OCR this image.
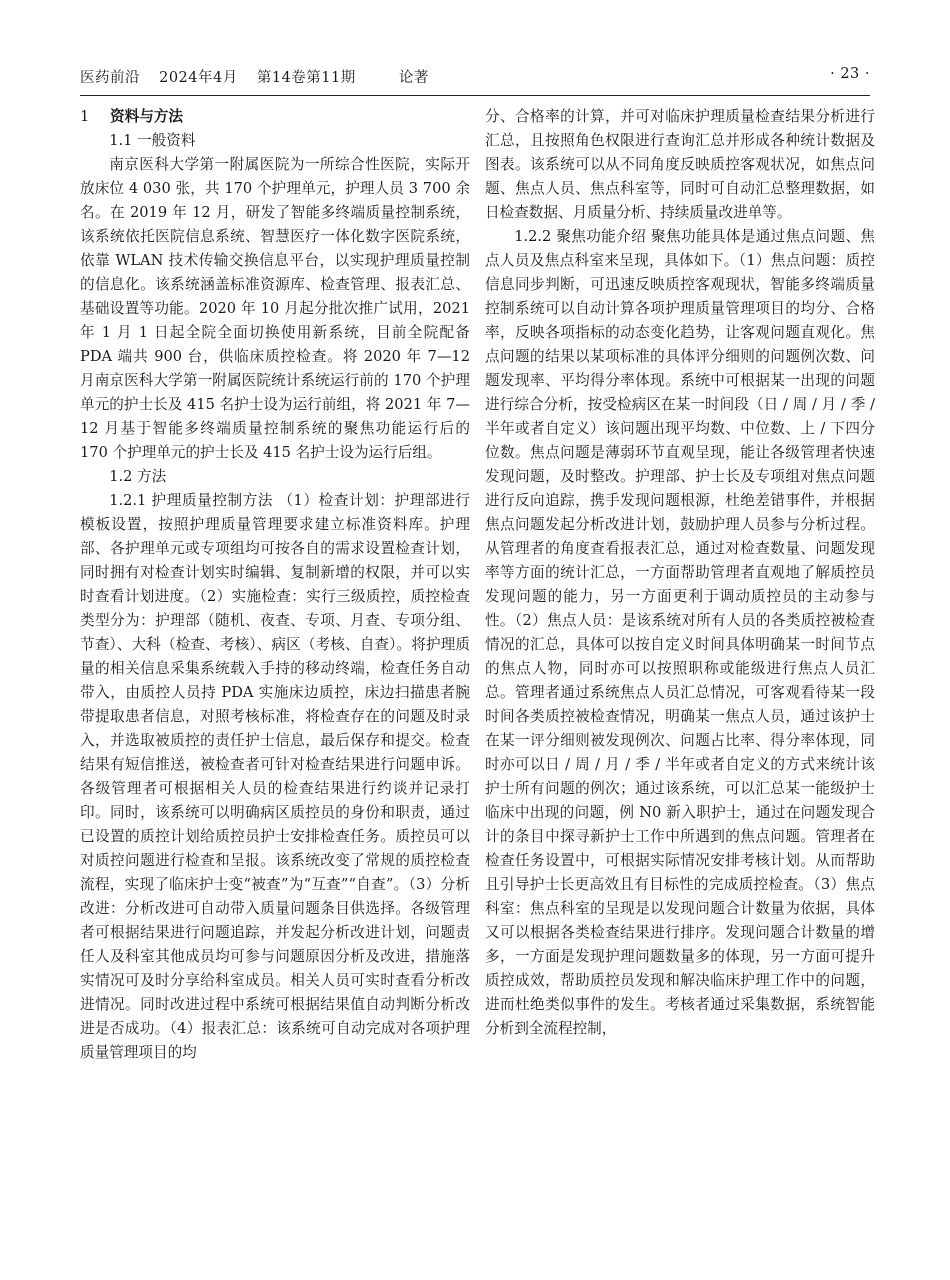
医药前沿 2024年4月 第14卷第11期	论著	· 23 ·

1 资料与方法

1.1 一般资料

南京医科大学第一附属医院为一所综合性医院，实际开放床位 4 030 张，共 170 个护理单元，护理人员 3 700 余名。在 2019 年 12 月，研发了智能多终端质量控制系统，该系统依托医院信息系统、智慧医疗一体化数字医院系统，依靠 WLAN 技术传输交换信息平台，以实现护理质量控制的信息化。该系统涵盖标准资源库、检查管理、报表汇总、基础设置等功能。2020 年 10 月起分批次推广试用，2021 年 1 月 1 日起全院全面切换使用新系统，目前全院配备 PDA 端共 900 台，供临床质控检查。将 2020 年 7—12 月南京医科大学第一附属医院统计系统运行前的 170 个护理单元的护士长及 415 名护士设为运行前组，将 2021 年 7—12 月基于智能多终端质量控制系统的聚焦功能运行后的 170 个护理单元的护士长及 415 名护士设为运行后组。

1.2 方法

1.2.1 护理质量控制方法 （1）检查计划：护理部进行模板设置，按照护理质量管理要求建立标准资料库。护理部、各护理单元或专项组均可按各自的需求设置检查计划，同时拥有对检查计划实时编辑、复制新增的权限，并可以实时查看计划进度。（2）实施检查：实行三级质控，质控检查类型分为：护理部（随机、夜查、专项、月查、专项分组、节查）、大科（检查、考核）、病区（考核、自查）。将护理质量的相关信息采集系统载入手持的移动终端，检查任务自动带入，由质控人员持 PDA 实施床边质控，床边扫描患者腕带提取患者信息，对照考核标准，将检查存在的问题及时录入，并选取被质控的责任护士信息，最后保存和提交。检查结果有短信推送，被检查者可针对检查结果进行问题申诉。各级管理者可根据相关人员的检查结果进行约谈并记录打印。同时，该系统可以明确病区质控员的身份和职责，通过已设置的质控计划给质控员护士安排检查任务。质控员可以对质控问题进行检查和呈报。该系统改变了常规的质控检查流程，实现了临床护士变“被查”为“互查”“自查”。（3）分析改进：分析改进可自动带入质量问题条目供选择。各级管理者可根据结果进行问题追踪，并发起分析改进计划，问题责任人及科室其他成员均可参与问题原因分析及改进，措施落实情况可及时分享给科室成员。相关人员可实时查看分析改进情况。同时改进过程中系统可根据结果值自动判断分析改进是否成功。（4）报表汇总：该系统可自动完成对各项护理质量管理项目的均

分、合格率的计算，并可对临床护理质量检查结果分析进行汇总，且按照角色权限进行查询汇总并形成各种统计数据及图表。该系统可以从不同角度反映质控客观状况，如焦点问题、焦点人员、焦点科室等，同时可自动汇总整理数据，如日检查数据、月质量分析、持续质量改进单等。

1.2.2 聚焦功能介绍 聚焦功能具体是通过焦点问题、焦点人员及焦点科室来呈现，具体如下。（1）焦点问题：质控信息同步判断，可迅速反映质控客观现状，智能多终端质量控制系统可以自动计算各项护理质量管理项目的均分、合格率，反映各项指标的动态变化趋势，让客观问题直观化。焦点问题的结果以某项标准的具体评分细则的问题例次数、问题发现率、平均得分率体现。系统中可根据某一出现的问题进行综合分析，按受检病区在某一时间段（日 / 周 / 月 / 季 / 半年或者自定义）该问题出现平均数、中位数、上 / 下四分位数。焦点问题是薄弱环节直观呈现，能让各级管理者快速发现问题，及时整改。护理部、护士长及专项组对焦点问题进行反向追踪，携手发现问题根源，杜绝差错事件，并根据焦点问题发起分析改进计划，鼓励护理人员参与分析过程。从管理者的角度查看报表汇总，通过对检查数量、问题发现率等方面的统计汇总，一方面帮助管理者直观地了解质控员发现问题的能力，另一方面更利于调动质控员的主动参与性。（2）焦点人员：是该系统对所有人员的各类质控被检查情况的汇总，具体可以按自定义时间具体明确某一时间节点的焦点人物，同时亦可以按照职称或能级进行焦点人员汇总。管理者通过系统焦点人员汇总情况，可客观看待某一段时间各类质控被检查情况，明确某一焦点人员，通过该护士在某一评分细则被发现例次、问题占比率、得分率体现，同时亦可以日 / 周 / 月 / 季 / 半年或者自定义的方式来统计该护士所有问题的例次；通过该系统，可以汇总某一能级护士临床中出现的问题，例 N0 新入职护士，通过在问题发现合计的条目中探寻新护士工作中所遇到的焦点问题。管理者在检查任务设置中，可根据实际情况安排考核计划。从而帮助且引导护士长更高效且有目标性的完成质控检查。（3）焦点科室：焦点科室的呈现是以发现问题合计数量为依据，具体又可以根据各类检查结果进行排序。发现问题合计数量的增多，一方面是发现护理问题数量多的体现，另一方面可提升质控成效，帮助质控员发现和解决临床护理工作中的问题，进而杜绝类似事件的发生。考核者通过采集数据，系统智能分析到全流程控制，
